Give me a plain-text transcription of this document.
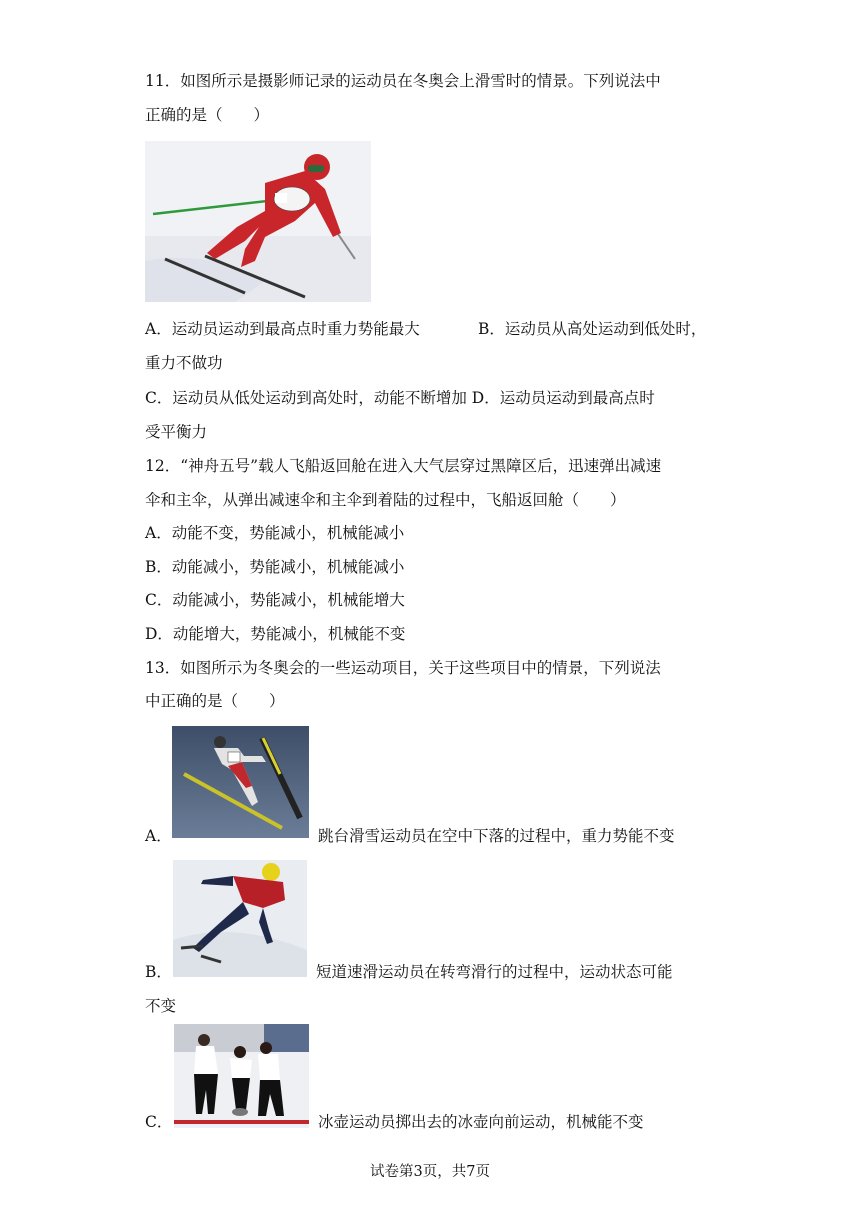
11．如图所示是摄影师记录的运动员在冬奥会上滑雪时的情景。下列说法中
正确的是（　　）
A．运动员运动到最高点时重力势能最大	B．运动员从高处运动到低处时，
重力不做功
C．运动员从低处运动到高处时，动能不断增加 D．运动员运动到最高点时
受平衡力
12．“神舟五号”载人飞船返回舱在进入大气层穿过黑障区后，迅速弹出减速
伞和主伞，从弹出减速伞和主伞到着陆的过程中，飞船返回舱（　　）
A．动能不变，势能减小，机械能减小
B．动能减小，势能减小，机械能减小
C．动能减小，势能减小，机械能增大
D．动能增大，势能减小，机械能不变
13．如图所示为冬奥会的一些运动项目，关于这些项目中的情景，下列说法
中正确的是（　　）
A．	跳台滑雪运动员在空中下落的过程中，重力势能不变
B．	短道速滑运动员在转弯滑行的过程中，运动状态可能
不变
C．	冰壶运动员掷出去的冰壶向前运动，机械能不变
试卷第3页，共7页
